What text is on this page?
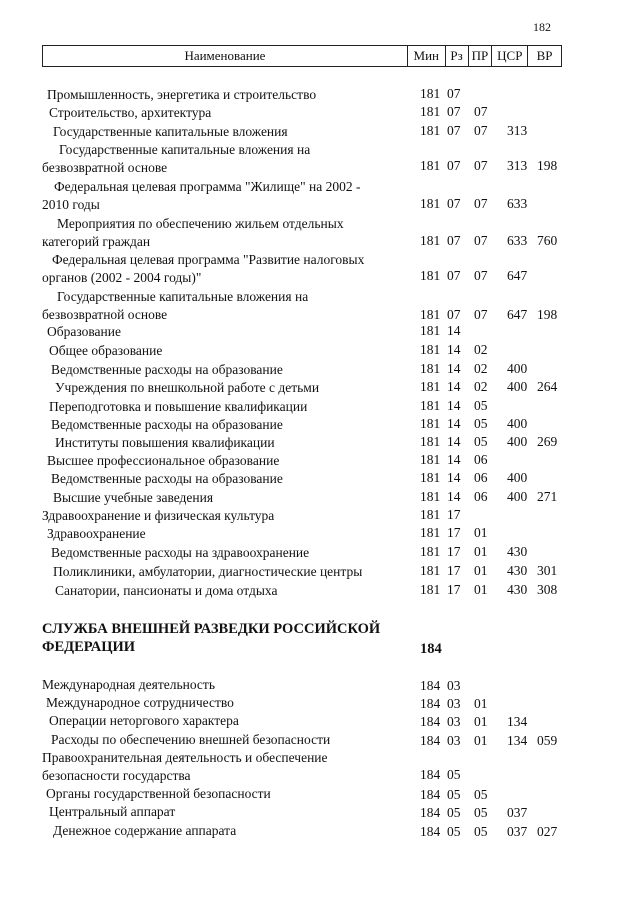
182
Наименование	Мин Рз ПР ЦСР	ВР
Промышленность, энергетика и строительство	181 07
Строительство, архитектура	181 07 07
Государственные капитальные вложения	181 07 07 313
Государственные капитальные вложения на безвозвратной основе	181 07 07 313 198
Федеральная целевая программа "Жилище" на 2002 - 2010 годы	181 07 07 633
Мероприятия по обеспечению жильем отдельных категорий граждан	181 07 07 633 760
Федеральная целевая программа "Развитие налоговых органов (2002 - 2004 годы)"	181 07 07 647
Государственные капитальные вложения на безвозвратной основе	181 07 07 647 198
Образование	181 14
Общее образование	181 14 02
Ведомственные расходы на образование	181 14 02 400
Учреждения по внешкольной работе с детьми	181 14 02 400 264
Переподготовка и повышение квалификации	181 14 05
Ведомственные расходы на образование	181 14 05 400
Институты повышения квалификации	181 14 05 400 269
Высшее профессиональное образование	181 14 06
Ведомственные расходы на образование	181 14 06 400
Высшие учебные заведения	181 14 06 400 271
Здравоохранение и физическая культура	181 17
Здравоохранение	181 17 01
Ведомственные расходы на здравоохранение	181 17 01 430
Поликлиники, амбулатории, диагностические центры	181 17 01 430 301
Санатории, пансионаты и дома отдыха	181 17 01 430 308
СЛУЖБА ВНЕШНЕЙ РАЗВЕДКИ РОССИЙСКОЙ ФЕДЕРАЦИИ	184
Международная деятельность	184 03
Международное сотрудничество	184 03 01
Операции неторгового характера	184 03 01 134
Расходы по обеспечению внешней безопасности	184 03 01 134 059
Правоохранительная деятельность и обеспечение безопасности государства	184 05
Органы государственной безопасности	184 05 05
Центральный аппарат	184 05 05 037
Денежное содержание аппарата	184 05 05 037 027
